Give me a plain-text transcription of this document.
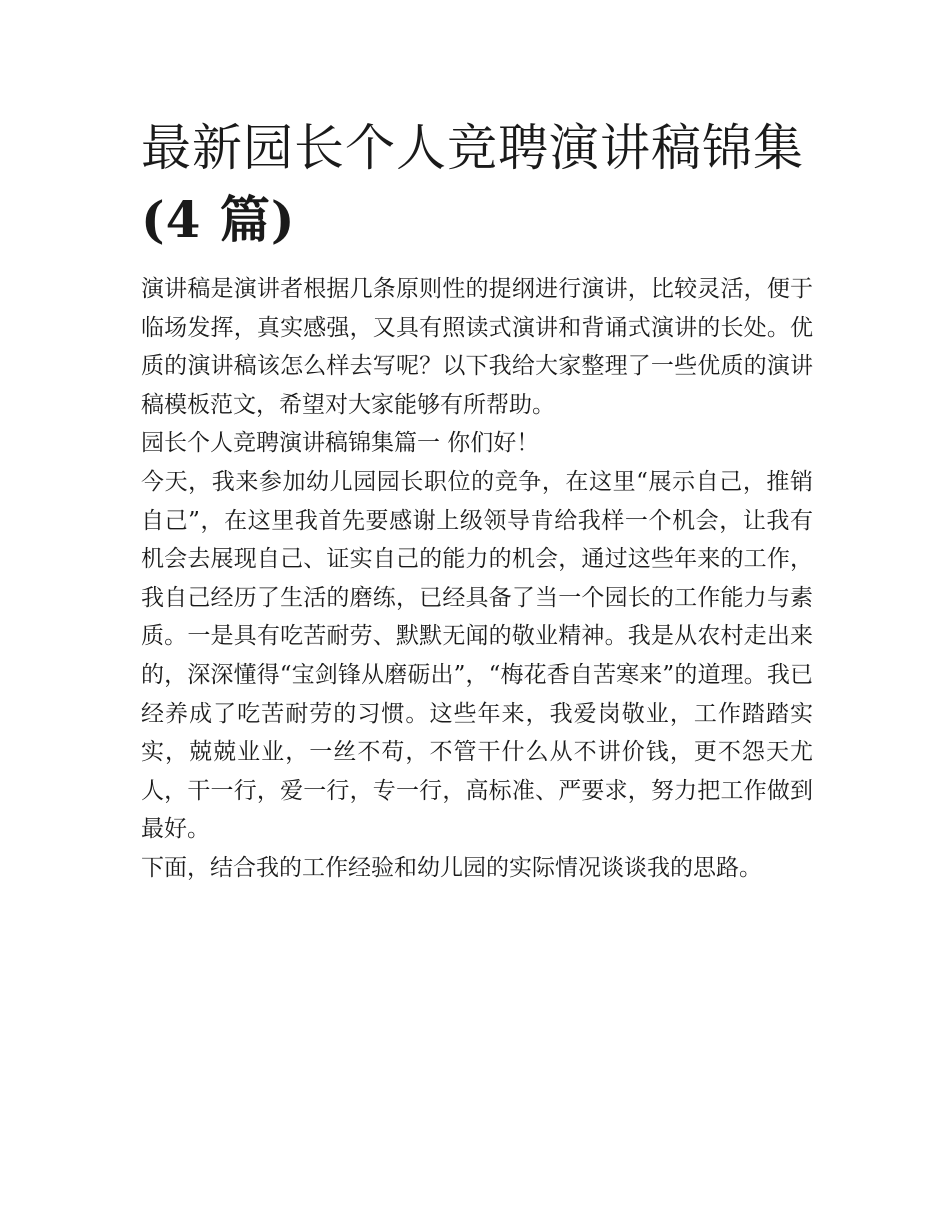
最新园长个人竞聘演讲稿锦集
(4 篇)

演讲稿是演讲者根据几条原则性的提纲进行演讲，比较灵活，便于临场发挥，真实感强，又具有照读式演讲和背诵式演讲的长处。优质的演讲稿该怎么样去写呢？以下我给大家整理了一些优质的演讲稿模板范文，希望对大家能够有所帮助。

园长个人竞聘演讲稿锦集篇一 你们好！

今天，我来参加幼儿园园长职位的竞争，在这里“展示自己，推销自己”，在这里我首先要感谢上级领导肯给我样一个机会，让我有机会去展现自己、证实自己的能力的机会，通过这些年来的工作，我自己经历了生活的磨练，已经具备了当一个园长的工作能力与素质。一是具有吃苦耐劳、默默无闻的敬业精神。我是从农村走出来的，深深懂得“宝剑锋从磨砺出”，“梅花香自苦寒来”的道理。我已经养成了吃苦耐劳的习惯。这些年来，我爱岗敬业，工作踏踏实实，兢兢业业，一丝不苟，不管干什么从不讲价钱，更不怨天尤人，干一行，爱一行，专一行，高标准、严要求，努力把工作做到最好。

下面，结合我的工作经验和幼儿园的实际情况谈谈我的思路。
